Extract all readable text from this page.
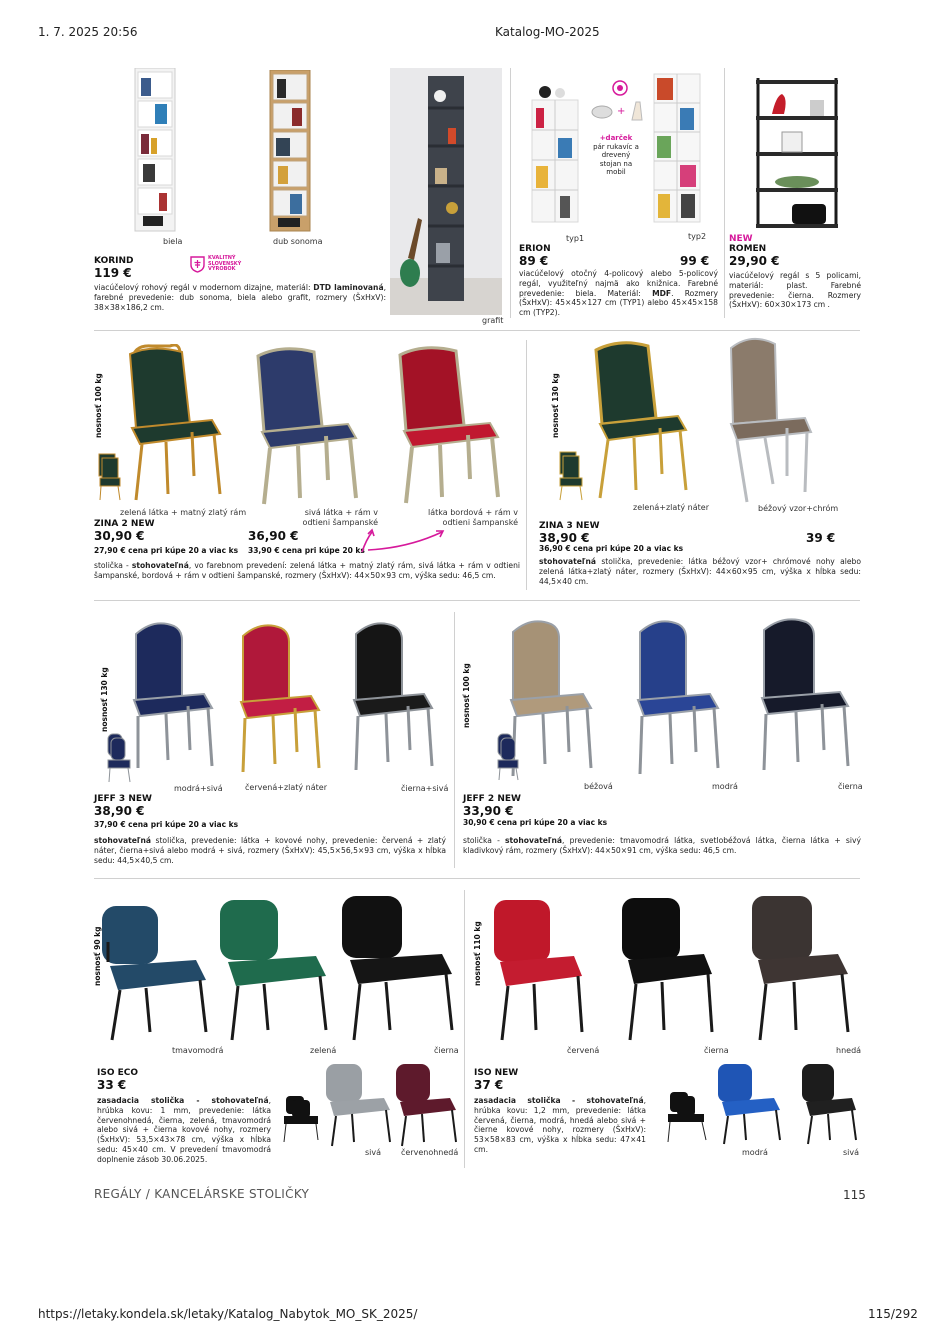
1. 7. 2025 20:56	Katalog-MO-2025
biela	dub sonoma
grafit
KORIND
119 €
KVALITNÝ SLOVENSKÝ VÝROBOK
viacúčelový rohový regál v modernom dizajne, materiál: DTD laminovaná, farebné prevedenie: dub sonoma, biela alebo grafit, rozmery (ŠxHxV): 38×38×186,2 cm.
+
+darček
pár rukavíc a drevený stojan na mobil
typ1	typ2
ERION
89 €	99 €
viacúčelový otočný 4-policový alebo 5-policový regál, využiteľný najmä ako knižnica. Farebné prevedenie: biela. Materiál: MDF. Rozmery (ŠxHxV): 45×45×127 cm (TYP1) alebo 45×45×158 cm (TYP2).
NEW
ROMEN
29,90 €
viacúčelový regál s 5 policami, materiál: plast. Farebné prevedenie: čierna. Rozmery (ŠxHxV): 60×30×173 cm .
nosnosť 100 kg
zelená látka + matný zlatý rám	sivá látka + rám v odtieni šampanské
látka bordová + rám v odtieni šampanské
ZINA 2 NEW
30,90 €	36,90 €
27,90 € cena pri kúpe 20 a viac ks 33,90 € cena pri kúpe 20 ks
stolička - stohovateľná, vo farebnom prevedení: zelená látka + matný zlatý rám, sivá látka + rám v odtieni šampanské, bordová + rám v odtieni šampanské, rozmery (ŠxHxV): 44×50×93 cm, výška sedu: 46,5 cm.
nosnosť 130 kg
zelená+zlatý náter	béžový vzor+chróm
ZINA 3 NEW
38,90 €	39 €
36,90 € cena pri kúpe 20 a viac ks
stohovateľná stolička, prevedenie: látka béžový vzor+ chrómové nohy alebo zelená látka+zlatý náter, rozmery (ŠxHxV): 44×60×95 cm, výška x hĺbka sedu: 44,5×40 cm.
nosnosť 130 kg
modrá+sivá	červená+zlatý náter	čierna+sivá
JEFF 3 NEW
38,90 €
37,90 € cena pri kúpe 20 a viac ks
stohovateľná stolička, prevedenie: látka + kovové nohy, prevedenie: červená + zlatý náter, čierna+sivá alebo modrá + sivá, rozmery (ŠxHxV): 45,5×56,5×93 cm, výška x hĺbka sedu: 44,5×40,5 cm.
nosnosť 100 kg
béžová	modrá	čierna
JEFF 2 NEW
33,90 €
30,90 € cena pri kúpe 20 a viac ks
stolička - stohovateľná, prevedenie: tmavomodrá látka, svetlobéžová látka, čierna látka + sivý kladivkový rám, rozmery (ŠxHxV): 44×50×91 cm, výška sedu: 46,5 cm.
nosnosť 90 kg
tmavomodrá	zelená	čierna
ISO ECO
33 €
zasadacia stolička - stohovateľná, hrúbka kovu: 1 mm, prevedenie: látka červenohnedá, čierna, zelená, tmavomodrá alebo sivá + čierna kovové nohy, rozmery (ŠxHxV): 53,5×43×78 cm, výška x hĺbka sedu: 45×40 cm. V prevedení tmavomodrá doplnenie zásob 30.06.2025.
sivá červenohnedá
nosnosť 110 kg
červená	čierna	hnedá
ISO NEW
37 €
zasadacia stolička - stohovateľná, hrúbka kovu: 1,2 mm, prevedenie: látka červená, čierna, modrá, hnedá alebo sivá + čierne kovové nohy, rozmery (ŠxHxV): 53×58×83 cm, výška x hĺbka sedu: 47×41 cm.	modrá	sivá
REGÁLY / KANCELÁRSKE STOLIČKY	115
https://letaky.kondela.sk/letaky/Katalog_Nabytok_MO_SK_2025/	115/292
